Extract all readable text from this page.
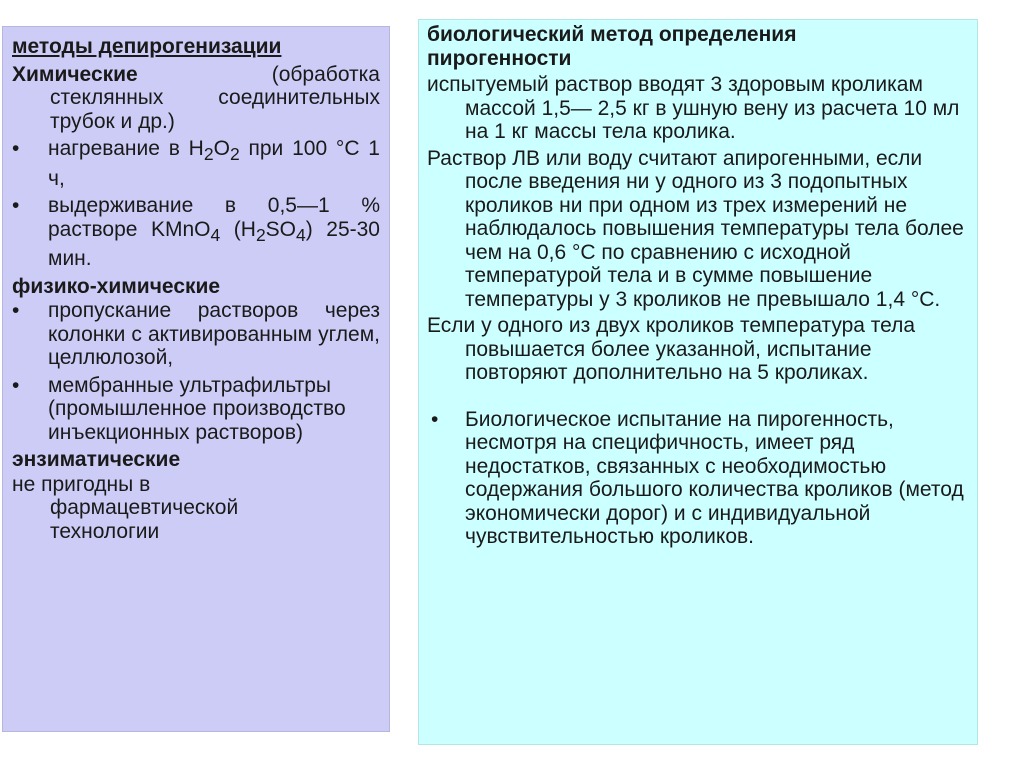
методы депирогенизации

Химические	(обработка

стеклянных соединительных трубок и др.)

• нагревание в $H_2O_2$ при 100 °С 1 ч,
• выдерживание в 0,5—1 % растворе KMnO$_4$ $(H_2SO_4)$ 25-30 мин.

физико-химические

• пропускание растворов через колонки с активированным углем, целлюлозой,
• мембранные ультрафильтры (промышленное производство инъекционных растворов)

энзиматические

не пригодны в фармацевтической технологии

биологический метод определения пирогенности

испытуемый раствор вводят 3 здоровым кроликам массой 1,5— 2,5 кг в ушную вену из расчета 10 мл на 1 кг массы тела кролика.

Раствор ЛВ или воду считают апирогенными, если после введения ни у одного из 3 подопытных кроликов ни при одном из трех измерений не наблюдалось повышения температуры тела более чем на 0,6 °С по сравнению с исходной температурой тела и в сумме повышение температуры у 3 кроликов не превышало 1,4 °С.

Если у одного из двух кроликов температура тела повышается более указанной, испытание повторяют дополнительно на 5 кроликах.

• Биологическое испытание на пирогенность, несмотря на специфичность, имеет ряд недостатков, связанных с необходимостью содержания большого количества кроликов (метод экономически дорог) и с индивидуальной чувствительностью кроликов.
